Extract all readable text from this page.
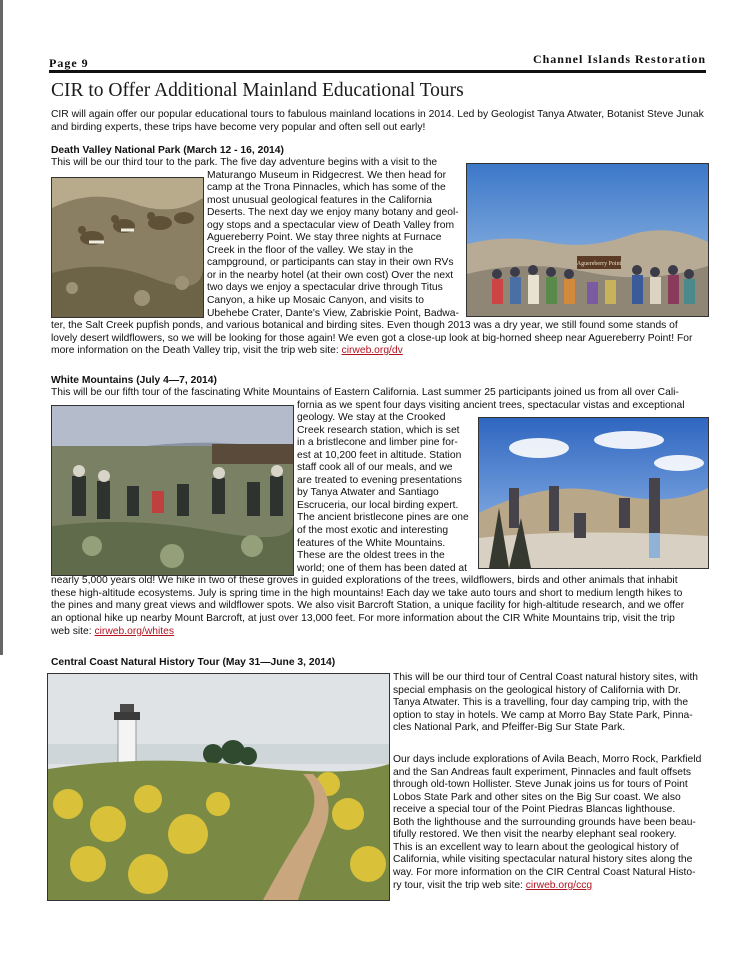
Page 9	Channel Islands Restoration
CIR to Offer Additional Mainland Educational Tours

CIR will again offer our popular educational tours to fabulous mainland locations in 2014. Led by Geologist Tanya Atwater, Botanist Steve Junak and birding experts, these trips have become very popular and often sell out early!

Death Valley National Park (March 12 - 16, 2014)

This will be our third tour to the park. The five day adventure begins with a visit to the

Maturango Museum in Ridgecrest. We then head for

camp at the Trona Pinnacles, which has some of the

most unusual geological features in the California

Deserts. The next day we enjoy many botany and geol-

ogy stops and a spectacular view of Death Valley from

Aguereberry Point. We stay three nights at Furnace

Creek in the floor of the valley. We stay in the

campground, or participants can stay in their own RVs

or in the nearby hotel (at their own cost) Over the next

two days we enjoy a spectacular drive through Titus

Canyon, a hike up Mosaic Canyon, and visits to

Ubehebe Crater, Dante's View, Zabriskie Point, Badwa-

ter, the Salt Creek pupfish ponds, and various botanical and birding sites. Even though 2013 was a dry year, we still found some stands of

lovely desert wildflowers, so we will be looking for those again! We even got a close-up look at big-horned sheep near Aguereberry Point! For

more information on the Death Valley trip, visit the trip web site: cirweb.org/dv

Aguereberry Point
White Mountains (July 4—7, 2014)

This will be our fifth tour of the fascinating White Mountains of Eastern California. Last summer 25 participants joined us from all over Cali-

fornia as we spent four days visiting ancient trees, spectacular vistas and exceptional

geology. We stay at the Crooked

Creek research station, which is set

in a bristlecone and limber pine for-

est at 10,200 feet in altitude. Station

staff cook all of our meals, and we

are treated to evening presentations

by Tanya Atwater and Santiago

Escruceria, our local birding expert.

The ancient bristlecone pines are one

of the most exotic and interesting

features of the White Mountains.

These are the oldest trees in the

world; one of them has been dated at

nearly 5,000 years old! We hike in two of these groves in guided explorations of the trees, wildflowers, birds and other animals that inhabit

these high-altitude ecosystems. July is spring time in the high mountains! Each day we take auto tours and short to medium length hikes to

the pines and many great views and wildflower spots. We also visit Barcroft Station, a unique facility for high-altitude research, and we offer

an optional hike up nearby Mount Barcroft, at just over 13,000 feet. For more information about the CIR White Mountains trip, visit the trip

web site: cirweb.org/whites

Central Coast Natural History Tour (May 31—June 3, 2014)

This will be our third tour of Central Coast natural history sites, with

special emphasis on the geological history of California with Dr.

Tanya Atwater. This is a travelling, four day camping trip, with the

option to stay in hotels. We camp at Morro Bay State Park, Pinna-

cles National Park, and Pfeiffer-Big Sur State Park.

Our days include explorations of Avila Beach, Morro Rock, Parkfield

and the San Andreas fault experiment, Pinnacles and fault offsets

through old-town Hollister. Steve Junak joins us for tours of Point

Lobos State Park and other sites on the Big Sur coast. We also

receive a special tour of the Point Piedras Blancas lighthouse.

Both the lighthouse and the surrounding grounds have been beau-

tifully restored. We then visit the nearby elephant seal rookery.

This is an excellent way to learn about the geological history of

California, while visiting spectacular natural history sites along the

way. For more information on the CIR Central Coast Natural Histo-

ry tour, visit the trip web site: cirweb.org/ccg
